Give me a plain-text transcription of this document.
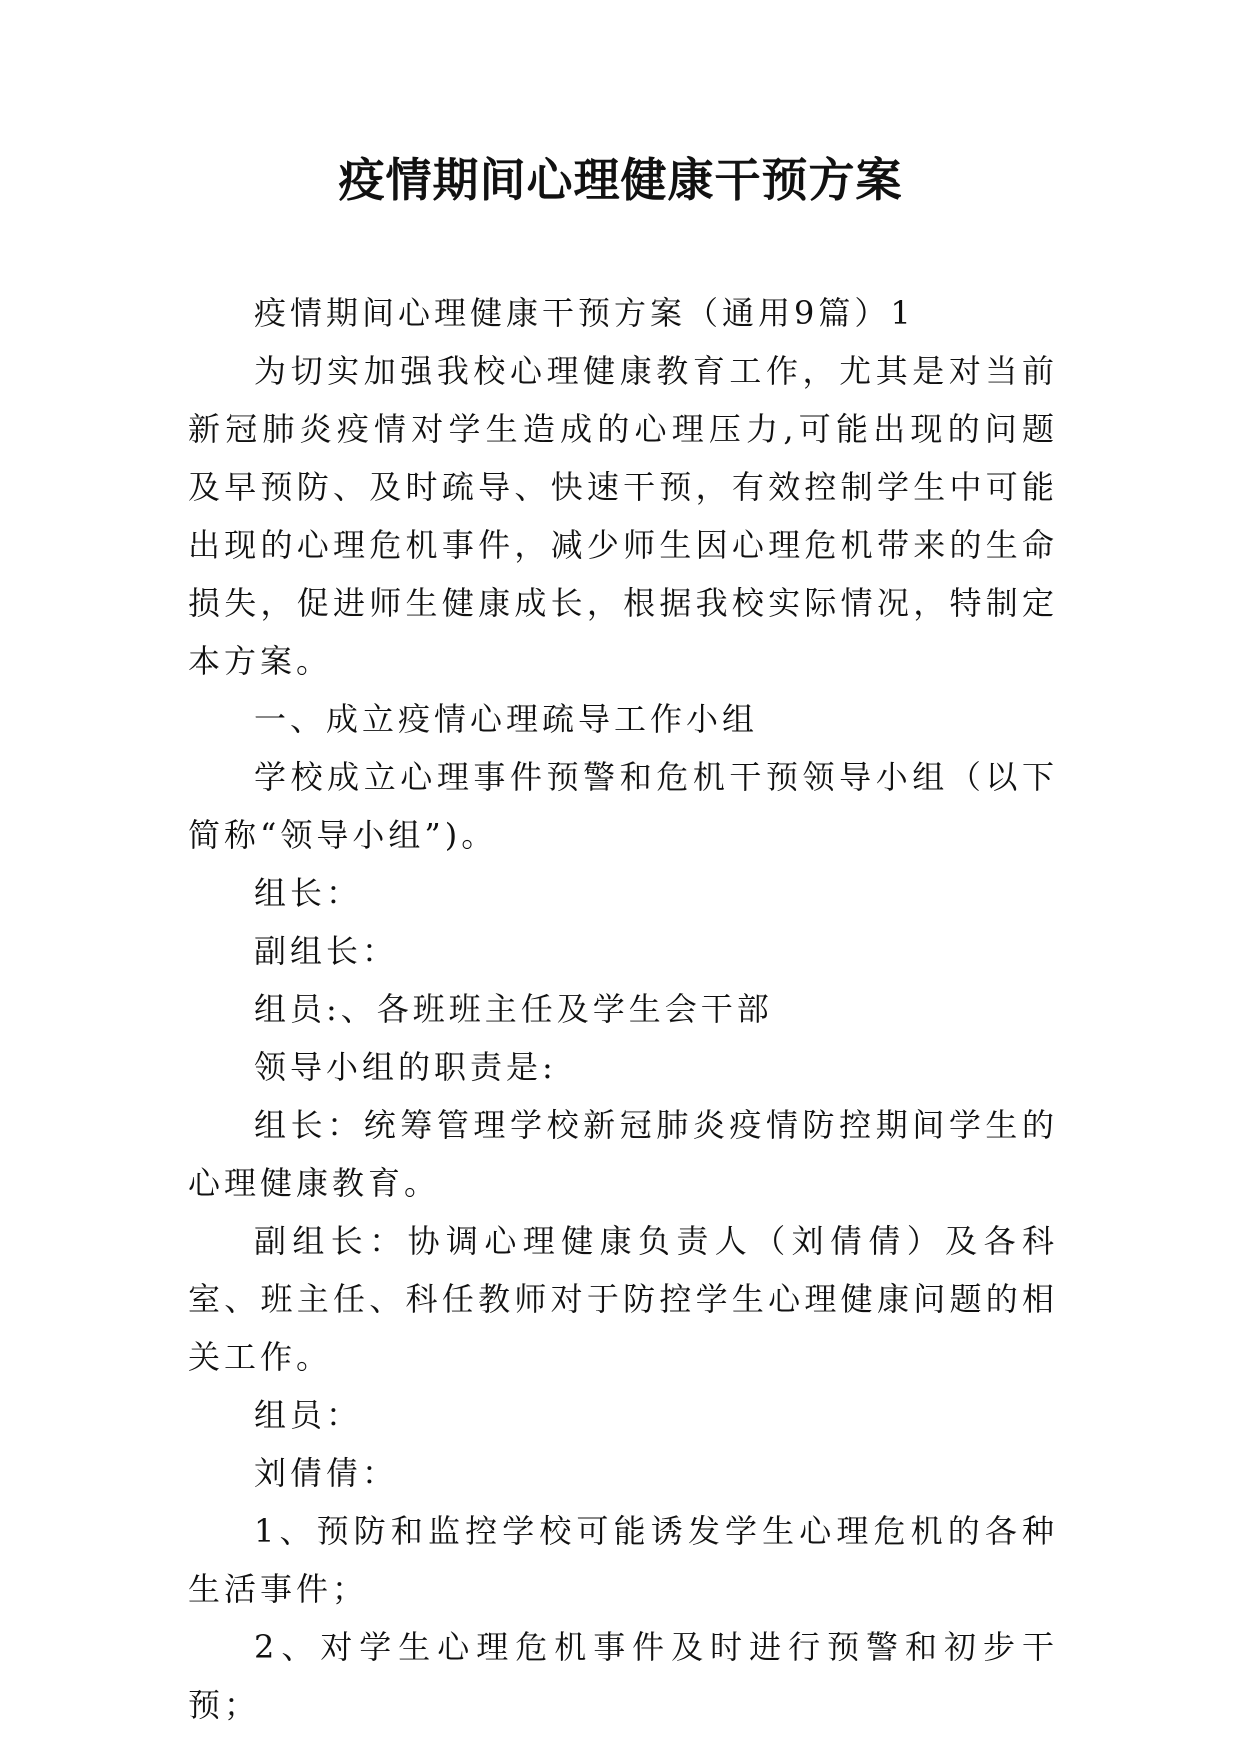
疫情期间心理健康干预方案

疫情期间心理健康干预方案（通用9篇）1

为切实加强我校心理健康教育工作，尤其是对当前新冠肺炎疫情对学生造成的心理压力,可能出现的问题及早预防、及时疏导、快速干预，有效控制学生中可能出现的心理危机事件，减少师生因心理危机带来的生命损失，促进师生健康成长，根据我校实际情况，特制定本方案。

一、成立疫情心理疏导工作小组

学校成立心理事件预警和危机干预领导小组（以下简称“领导小组”)。

组长：

副组长：

组员:、各班班主任及学生会干部

领导小组的职责是:

组长：统筹管理学校新冠肺炎疫情防控期间学生的心理健康教育。

副组长：协调心理健康负责人（刘倩倩）及各科室、班主任、科任教师对于防控学生心理健康问题的相关工作。

组员：

刘倩倩：

1、预防和监控学校可能诱发学生心理危机的各种生活事件；

2、对学生心理危机事件及时进行预警和初步干预；
